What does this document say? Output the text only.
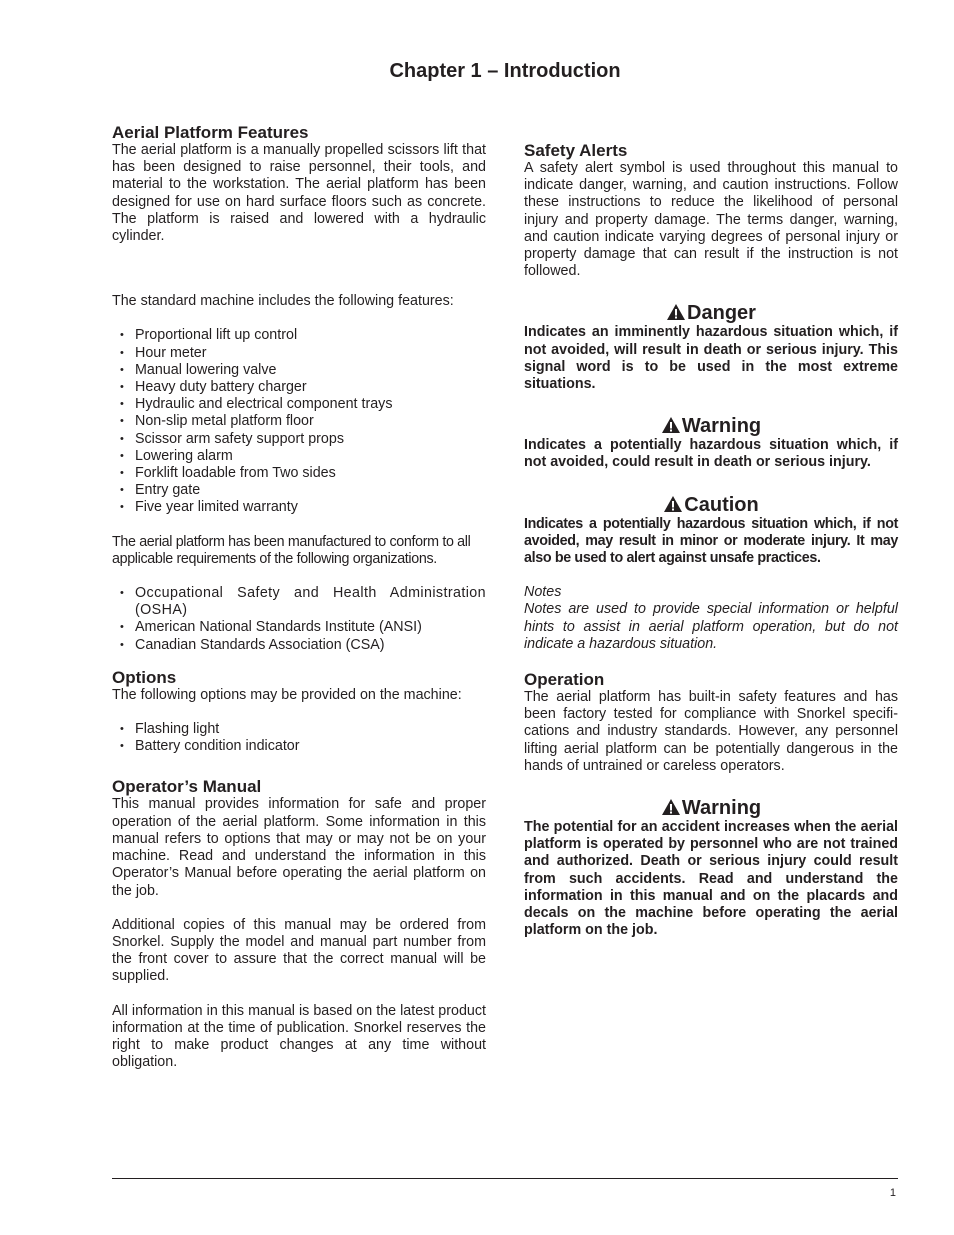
Chapter 1 – Introduction
Aerial Platform Features

The aerial platform is a manually propelled scissors lift that has been designed to raise personnel, their tools, and material to the workstation. The aerial platform has been designed for use on hard surface floors such as concrete. The platform is raised and lowered with a hydraulic cylinder.

The standard machine includes the following features:

• Proportional lift up control
• Hour meter
• Manual lowering valve
• Heavy duty battery charger
• Hydraulic and electrical component trays
• Non-slip metal platform floor
• Scissor arm safety support props
• Lowering alarm
• Forklift loadable from Two sides
• Entry gate
• Five year limited warranty

The aerial platform has been manufactured to conform to all applicable requirements of the following organizations.

• Occupational Safety and Health Administration (OSHA)
• American National Standards Institute (ANSI)
• Canadian Standards Association (CSA)
Options

The following options may be provided on the machine:

• Flashing light
• Battery condition indicator
Operator’s Manual

This manual provides information for safe and proper operation of the aerial platform. Some information in this manual refers to options that may or may not be on your machine. Read and understand the information in this Operator’s Manual before operating the aerial platform on the job.

Additional copies of this manual may be ordered from Snorkel. Supply the model and manual part number from the front cover to assure that the correct manual will be supplied.

All information in this manual is based on the latest product information at the time of publication. Snorkel reserves the right to make product changes at any time without obligation.

Safety Alerts

A safety alert symbol is used throughout this manual to indicate danger, warning, and caution instructions. Follow these instructions to reduce the likelihood of personal injury and property damage. The terms danger, warning, and caution indicate varying degrees of personal injury or property damage that can result if the instruction is not followed.

Danger

Indicates an imminently hazardous situation which, if not avoided, will result in death or serious injury. This signal word is to be used in the most extreme situations.

Warning

Indicates a potentially hazardous situation which, if not avoided, could result in death or serious injury.

Caution

Indicates a potentially hazardous situation which, if not avoided, may result in minor or moderate injury. It may also be used to alert against unsafe practices.

Notes

Notes are used to provide special information or helpful hints to assist in aerial platform operation, but do not indicate a hazardous situation.

Operation

The aerial platform has built-in safety features and has been factory tested for compliance with Snorkel specifi-cations and industry standards. However, any personnel lifting aerial platform can be potentially dangerous in the hands of untrained or careless operators.

Warning

The potential for an accident increases when the aerial platform is operated by personnel who are not trained and authorized. Death or serious injury could result from such accidents. Read and understand the information in this manual and on the placards and decals on the machine before operating the aerial platform on the job.

1
